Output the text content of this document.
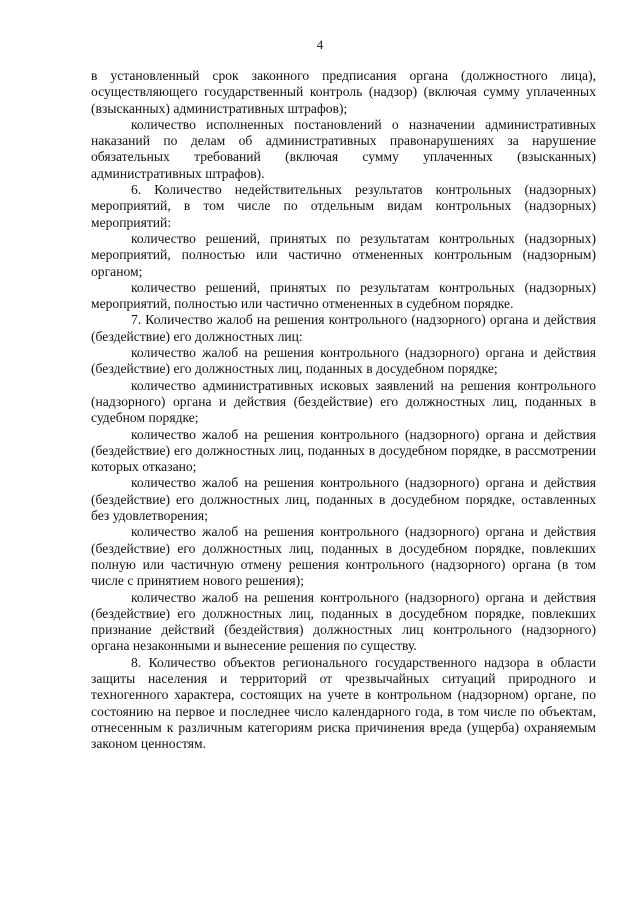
4

в установленный срок законного предписания органа (должностного лица), осуществляющего государственный контроль (надзор) (включая сумму уплаченных (взысканных) административных штрафов);

количество исполненных постановлений о назначении административных наказаний по делам об административных правонарушениях за нарушение обязательных требований (включая сумму уплаченных (взысканных) административных штрафов).

6. Количество недействительных результатов контрольных (надзорных) мероприятий, в том числе по отдельным видам контрольных (надзорных) мероприятий:

количество решений, принятых по результатам контрольных (надзорных) мероприятий, полностью или частично отмененных контрольным (надзорным) органом;

количество решений, принятых по результатам контрольных (надзорных) мероприятий, полностью или частично отмененных в судебном порядке.

7. Количество жалоб на решения контрольного (надзорного) органа и действия (бездействие) его должностных лиц:

количество жалоб на решения контрольного (надзорного) органа и действия (бездействие) его должностных лиц, поданных в досудебном порядке;

количество административных исковых заявлений на решения контрольного (надзорного) органа и действия (бездействие) его должностных лиц, поданных в судебном порядке;

количество жалоб на решения контрольного (надзорного) органа и действия (бездействие) его должностных лиц, поданных в досудебном порядке, в рассмотрении которых отказано;

количество жалоб на решения контрольного (надзорного) органа и действия (бездействие) его должностных лиц, поданных в досудебном порядке, оставленных без удовлетворения;

количество жалоб на решения контрольного (надзорного) органа и действия (бездействие) его должностных лиц, поданных в досудебном порядке, повлекших полную или частичную отмену решения контрольного (надзорного) органа (в том числе с принятием нового решения);

количество жалоб на решения контрольного (надзорного) органа и действия (бездействие) его должностных лиц, поданных в досудебном порядке, повлекших признание действий (бездействия) должностных лиц контрольного (надзорного) органа незаконными и вынесение решения по существу.

8. Количество объектов регионального государственного надзора в области защиты населения и территорий от чрезвычайных ситуаций природного и техногенного характера, состоящих на учете в контрольном (надзорном) органе, по состоянию на первое и последнее число календарного года, в том числе по объектам, отнесенным к различным категориям риска причинения вреда (ущерба) охраняемым законом ценностям.
